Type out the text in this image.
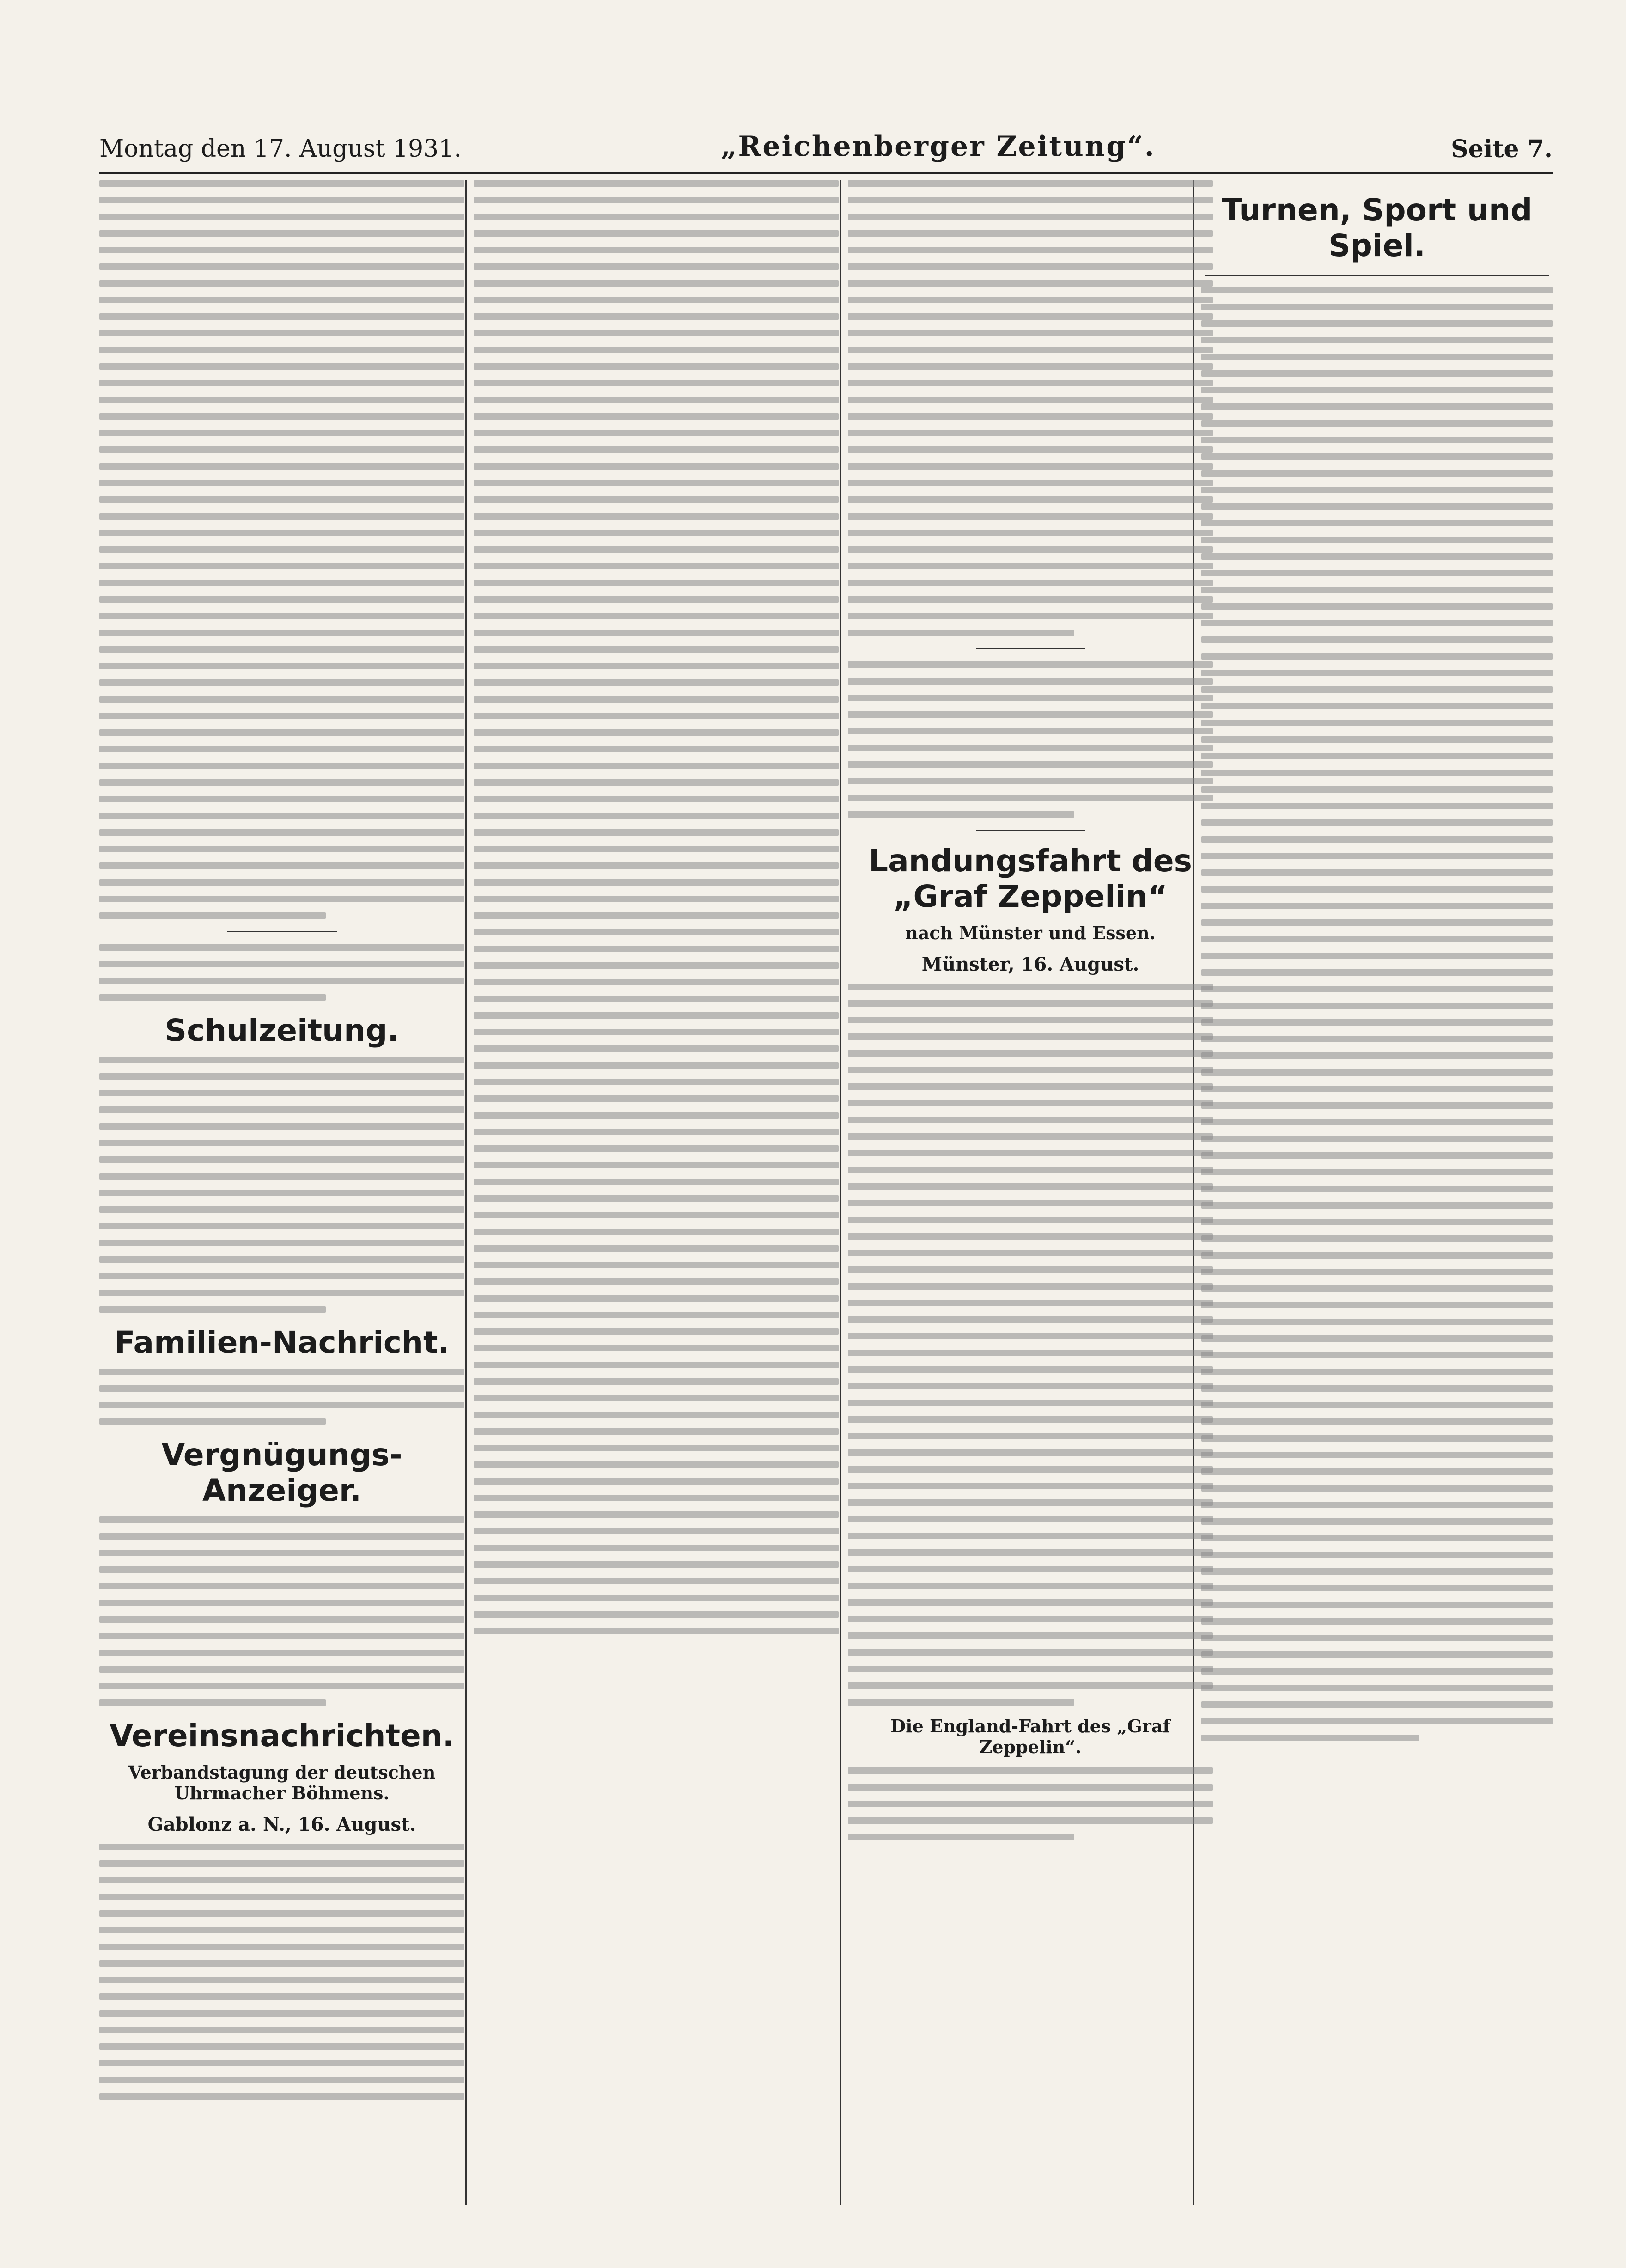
Montag den 17. August 1931.	„Reichenberger Zeitung“.	Seite 7.
Schulzeitung.
Familien-Nachricht.
Vergnügungs-Anzeiger.
Vereinsnachrichten.
Verbandstagung der deutschen Uhrmacher Böhmens.
Gablonz a. N., 16. August.
Landungsfahrt des „Graf Zeppelin“
nach Münster und Essen.
Münster, 16. August.
Die England-Fahrt des „Graf Zeppelin“.
Turnen, Sport und Spiel.
